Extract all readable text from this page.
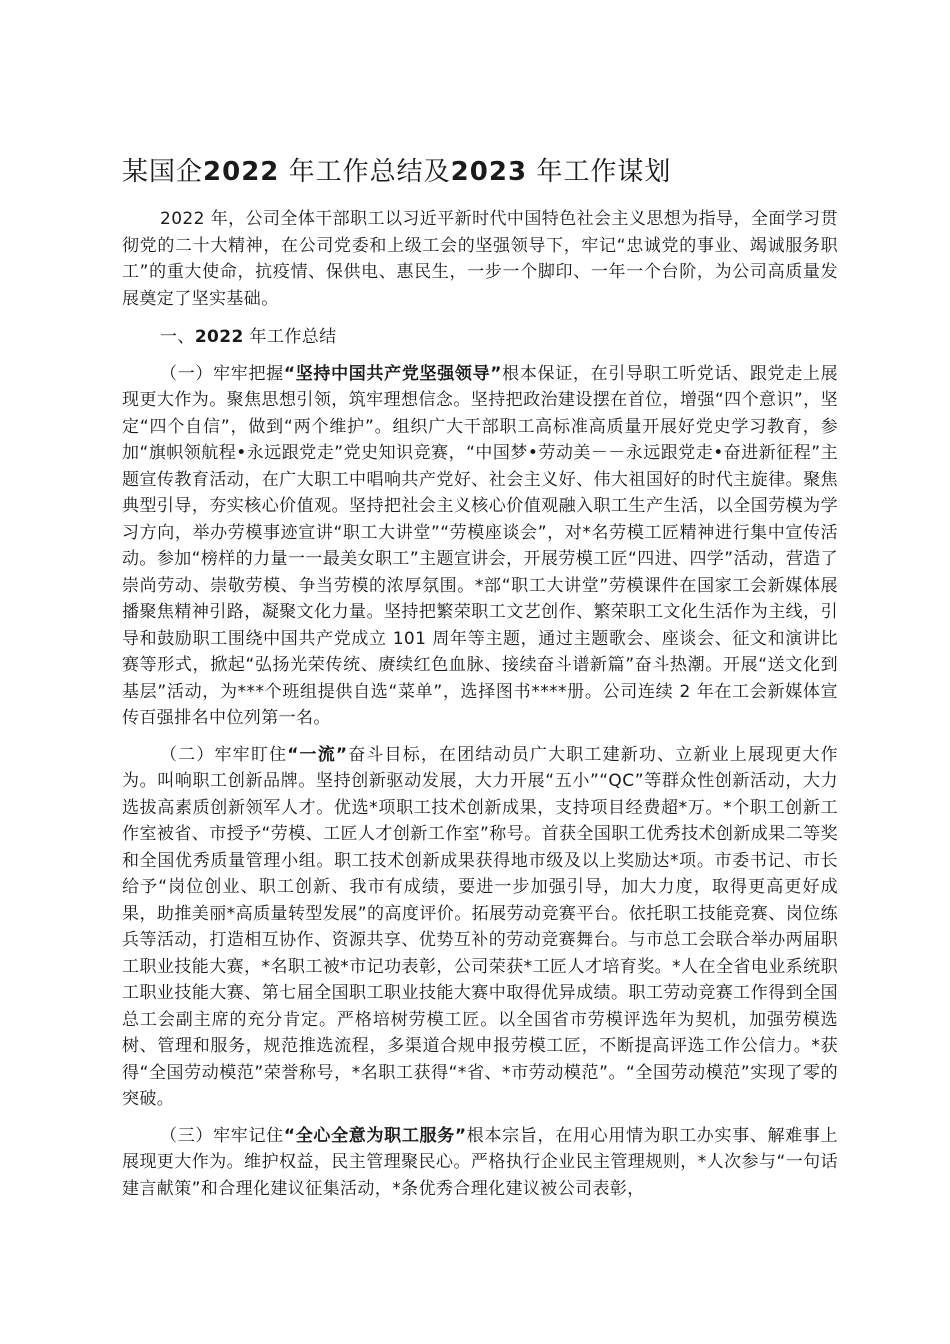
某国企2022 年工作总结及2023 年工作谋划

2022 年，公司全体干部职工以习近平新时代中国特色社会主义思想为指导，全面学习贯彻党的二十大精神，在公司党委和上级工会的坚强领导下，牢记“忠诚党的事业、竭诚服务职工”的重大使命，抗疫情、保供电、惠民生，一步一个脚印、一年一个台阶，为公司高质量发展奠定了坚实基础。

一、2022 年工作总结

（一）牢牢把握“坚持中国共产党坚强领导”根本保证，在引导职工听党话、跟党走上展现更大作为。聚焦思想引领，筑牢理想信念。坚持把政治建设摆在首位，增强“四个意识”，坚定“四个自信”，做到“两个维护”。组织广大干部职工高标准高质量开展好党史学习教育，参加“旗帜领航程•永远跟党走”党史知识竞赛，“中国梦•劳动美－－永远跟党走•奋进新征程”主题宣传教育活动，在广大职工中唱响共产党好、社会主义好、伟大祖国好的时代主旋律。聚焦典型引导，夯实核心价值观。坚持把社会主义核心价值观融入职工生产生活，以全国劳模为学习方向，举办劳模事迹宣讲“职工大讲堂”“劳模座谈会”，对*名劳模工匠精神进行集中宣传活动。参加“榜样的力量一一最美女职工”主题宣讲会，开展劳模工匠“四进、四学”活动，营造了崇尚劳动、崇敬劳模、争当劳模的浓厚氛围。*部“职工大讲堂”劳模课件在国家工会新媒体展播聚焦精神引路，凝聚文化力量。坚持把繁荣职工文艺创作、繁荣职工文化生活作为主线，引导和鼓励职工围绕中国共产党成立 101 周年等主题，通过主题歌会、座谈会、征文和演讲比赛等形式，掀起“弘扬光荣传统、赓续红色血脉、接续奋斗谱新篇”奋斗热潮。开展“送文化到基层”活动，为***个班组提供自选“菜单”，选择图书****册。公司连续 2 年在工会新媒体宣传百强排名中位列第一名。

（二）牢牢盯住“一流”奋斗目标，在团结动员广大职工建新功、立新业上展现更大作为。叫响职工创新品牌。坚持创新驱动发展，大力开展“五小”“QC”等群众性创新活动，大力选拔高素质创新领军人才。优选*项职工技术创新成果，支持项目经费超*万。*个职工创新工作室被省、市授予“劳模、工匠人才创新工作室”称号。首获全国职工优秀技术创新成果二等奖和全国优秀质量管理小组。职工技术创新成果获得地市级及以上奖励达*项。市委书记、市长给予“岗位创业、职工创新、我市有成绩，要进一步加强引导，加大力度，取得更高更好成果，助推美丽*高质量转型发展”的高度评价。拓展劳动竞赛平台。依托职工技能竞赛、岗位练兵等活动，打造相互协作、资源共享、优势互补的劳动竞赛舞台。与市总工会联合举办两届职工职业技能大赛，*名职工被*市记功表彰，公司荣获*工匠人才培育奖。*人在全省电业系统职工职业技能大赛、第七届全国职工职业技能大赛中取得优异成绩。职工劳动竞赛工作得到全国总工会副主席的充分肯定。严格培树劳模工匠。以全国省市劳模评选年为契机，加强劳模选树、管理和服务，规范推选流程，多渠道合规申报劳模工匠，不断提高评选工作公信力。*获得“全国劳动模范”荣誉称号，*名职工获得“*省、*市劳动模范”。“全国劳动模范”实现了零的突破。

（三）牢牢记住“全心全意为职工服务”根本宗旨，在用心用情为职工办实事、解难事上展现更大作为。维护权益，民主管理聚民心。严格执行企业民主管理规则，*人次参与“一句话建言献策”和合理化建议征集活动，*条优秀合理化建议被公司表彰，
